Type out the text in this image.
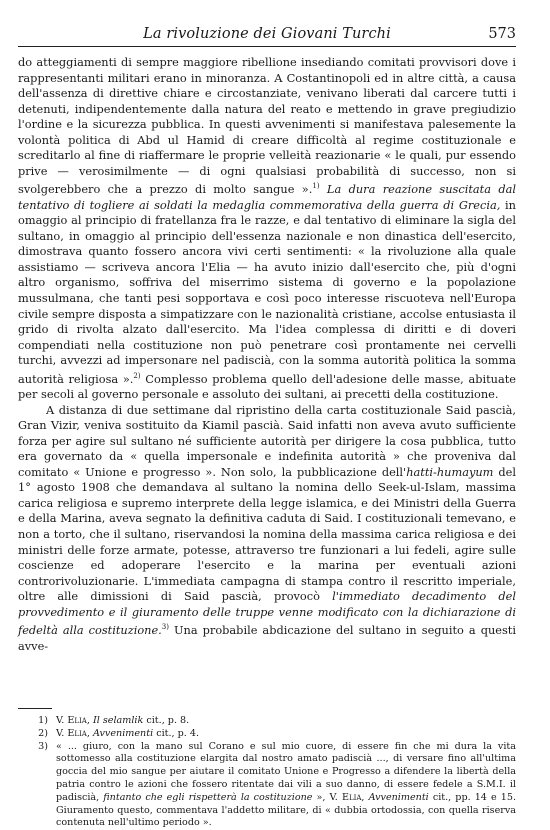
La rivoluzione dei Giovani Turchi	573

do atteggiamenti di sempre maggiore ribellione insediando comitati provvisori dove i rappresentanti militari erano in minoranza. A Costantinopoli ed in altre città, a causa dell'assenza di direttive chiare e circostanziate, venivano liberati dal carcere tutti i detenuti, indipendentemente dalla natura del reato e mettendo in grave pregiudizio l'ordine e la sicurezza pubblica. In questi avvenimenti si manifestava palesemente la volontà politica di Abd ul Hamid di creare difficoltà al regime costituzionale e screditarlo al fine di riaffermare le proprie velleità reazionarie « le quali, pur essendo prive — verosimilmente — di ogni qualsiasi probabilità di successo, non si svolgerebbero che a prezzo di molto sangue ».$^{1)}$ La dura reazione suscitata dal tentativo di togliere ai soldati la medaglia commemorativa della guerra di Grecia, in omaggio al principio di fratellanza fra le razze, e dal tentativo di eliminare la sigla del sultano, in omaggio al principio dell'essenza nazionale e non dinastica dell'esercito, dimostrava quanto fossero ancora vivi certi sentimenti: « la rivoluzione alla quale assistiamo — scriveva ancora l'Elia — ha avuto inizio dall'esercito che, più d'ogni altro organismo, soffriva del miserrimo sistema di governo e la popolazione mussulmana, che tanti pesi sopportava e così poco interesse riscuoteva nell'Europa civile sempre disposta a simpatizzare con le nazionalità cristiane, accolse entusiasta il grido di rivolta alzato dall'esercito. Ma l'idea complessa di diritti e di doveri compendiati nella costituzione non può penetrare così prontamente nei cervelli turchi, avvezzi ad impersonare nel padiscià, con la somma autorità politica la somma autorità religiosa ».$^{2)}$ Complesso problema quello dell'adesione delle masse, abituate per secoli al governo personale e assoluto dei sultani, ai precetti della costituzione.

A distanza di due settimane dal ripristino della carta costituzionale Said pascià, Gran Vizir, veniva sostituito da Kiamil pascià. Said infatti non aveva avuto sufficiente forza per agire sul sultano né sufficiente autorità per dirigere la cosa pubblica, tutto era governato da « quella impersonale e indefinita autorità » che proveniva dal comitato « Unione e progresso ». Non solo, la pubblicazione dell'hatti-humayum del 1° agosto 1908 che demandava al sultano la nomina dello Seek-ul-Islam, massima carica religiosa e supremo interprete della legge islamica, e dei Ministri della Guerra e della Marina, aveva segnato la definitiva caduta di Said. I costituzionali temevano, e non a torto, che il sultano, riservandosi la nomina della massima carica religiosa e dei ministri delle forze armate, potesse, attraverso tre funzionari a lui fedeli, agire sulle coscienze ed adoperare l'esercito e la marina per eventuali azioni controrivoluzionarie. L'immediata campagna di stampa contro il rescritto imperiale, oltre alle dimissioni di Said pascià, provocò l'immediato decadimento del provvedimento e il giuramento delle truppe venne modificato con la dichiarazione di fedeltà alla costituzione.$^{3)}$ Una probabile abdicazione del sultano in seguito a questi avve-

1) V. Elia, Il selamlik cit., p. 8.
2) V. Elia, Avvenimenti cit., p. 4.
3) « ... giuro, con la mano sul Corano e sul mio cuore, di essere fin che mi dura la vita sottomesso alla costituzione elargita dal nostro amato padiscià ..., di versare fino all'ultima goccia del mio sangue per aiutare il comitato Unione e Progresso a difendere la libertà della patria contro le azioni che fossero ritentate dai vili a suo danno, di essere fedele a S.M.I. il padiscià, fintanto che egli rispetterà la costituzione », V. Elia, Avvenimenti cit., pp. 14 e 15. Giuramento questo, commentava l'addetto militare, di « dubbia ortodossia, con quella riserva contenuta nell'ultimo periodo ».
